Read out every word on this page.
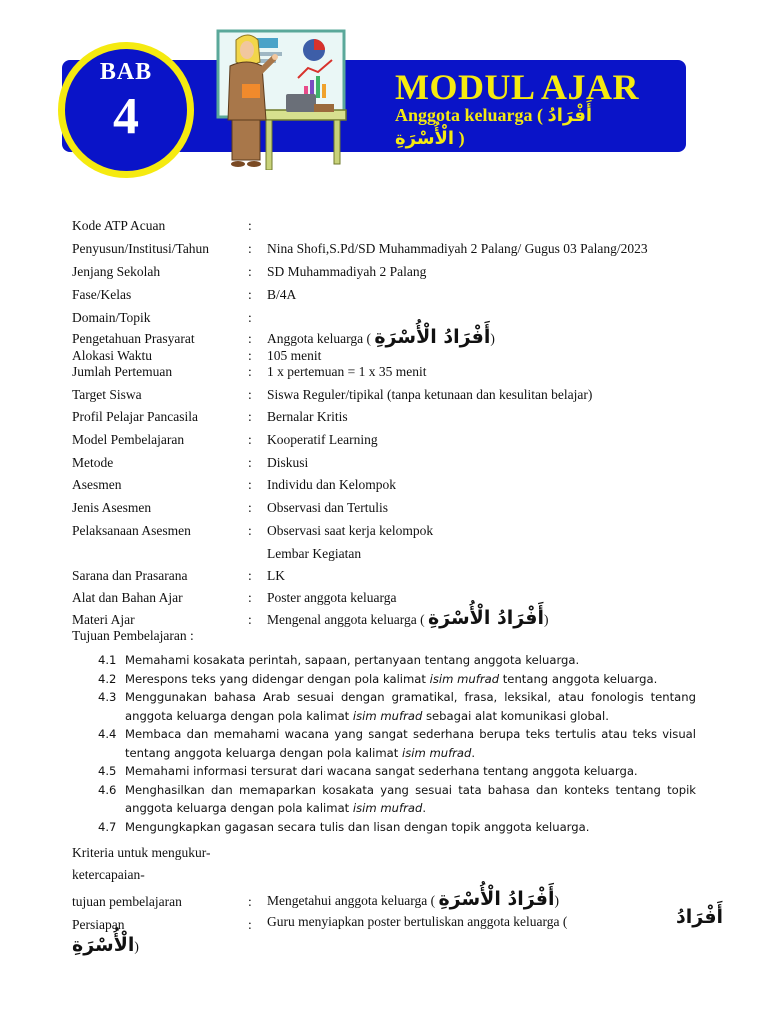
BAB
4
MODUL AJAR
Anggota keluarga ( أَفْرَادُ الْأُسْرَةِ )
Kode ATP Acuan	:
Penyusun/Institusi/Tahun	: Nina Shofi,S.Pd/SD Muhammadiyah 2 Palang/ Gugus 03 Palang/2023
Jenjang Sekolah	: SD Muhammadiyah 2 Palang
Fase/Kelas	: B/4A
Domain/Topik	:
Pengetahuan Prasyarat	: Anggota keluarga ( أَفْرَادُ الْأُسْرَةِ)
Alokasi Waktu	: 105 menit
Jumlah Pertemuan	: 1 x pertemuan = 1 x 35 menit
Target Siswa	: Siswa Reguler/tipikal (tanpa ketunaan dan kesulitan belajar)
Profil Pelajar Pancasila	: Bernalar Kritis
Model Pembelajaran	: Kooperatif Learning
Metode	: Diskusi
Asesmen	: Individu dan Kelompok
Jenis Asesmen	: Observasi dan Tertulis
Pelaksanaan Asesmen	: Observasi saat kerja kelompok
Lembar Kegiatan
Sarana dan Prasarana	: LK
Alat dan Bahan Ajar	: Poster anggota keluarga
Materi Ajar	: Mengenal anggota keluarga ( أَفْرَادُ الْأُسْرَةِ)
Tujuan Pembelajaran :
4.1 Memahami kosakata perintah, sapaan, pertanyaan tentang anggota keluarga.
4.2 Merespons teks yang didengar dengan pola kalimat isim mufrad tentang anggota keluarga.
4.3 Menggunakan bahasa Arab sesuai dengan gramatikal, frasa, leksikal, atau fonologis tentang anggota keluarga dengan pola kalimat isim mufrad sebagai alat komunikasi global.
4.4 Membaca dan memahami wacana yang sangat sederhana berupa teks tertulis atau teks visual tentang anggota keluarga dengan pola kalimat isim mufrad.
4.5 Memahami informasi tersurat dari wacana sangat sederhana tentang anggota keluarga.
4.6 Menghasilkan dan memaparkan kosakata yang sesuai tata bahasa dan konteks tentang topik anggota keluarga dengan pola kalimat isim mufrad.
4.7 Mengungkapkan gagasan secara tulis dan lisan dengan topik anggota keluarga.
Kriteria untuk mengukur-
ketercapaian-
tujuan pembelajaran	: Mengetahui anggota keluarga ( أَفْرَادُ الْأُسْرَةِ)
Persiapan	: Guru menyiapkan poster bertuliskan anggota keluarga (	أَفْرَادُ
الْأُسْرَةِ)
